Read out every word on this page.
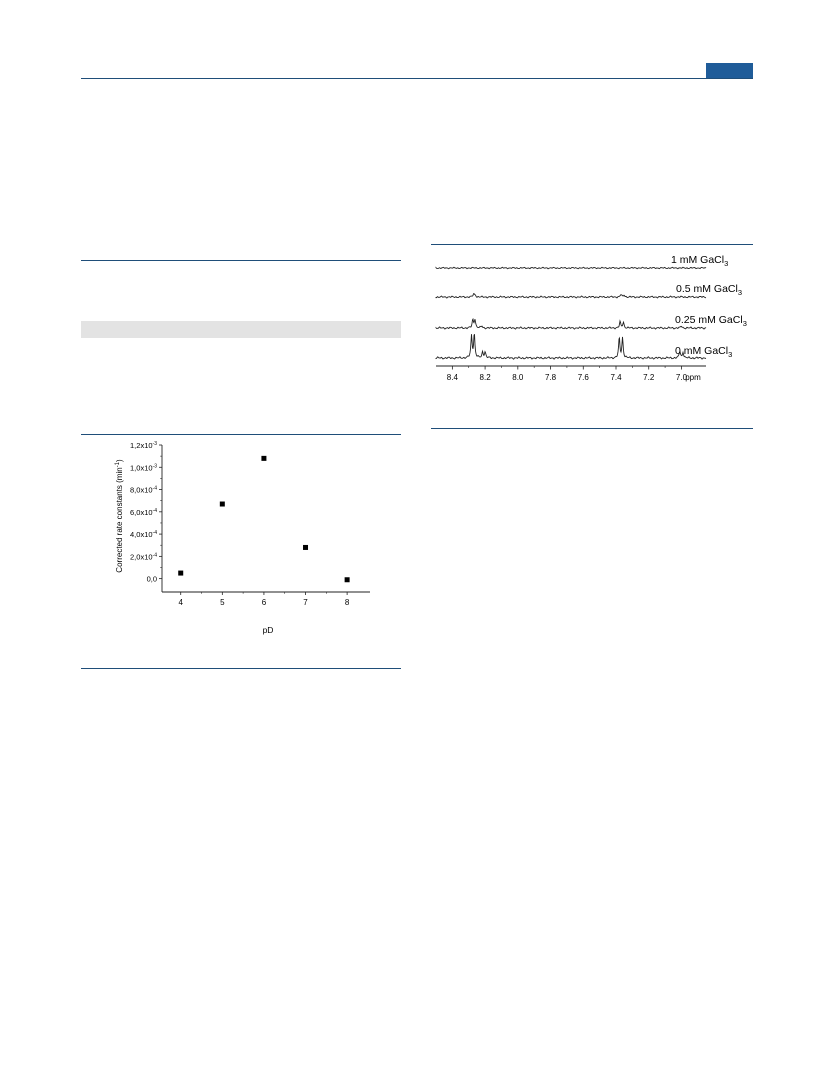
0,0
$2,0x10^{-4}$
$4,0x10^{-4}$
$6,0x10^{-4}$
$8,0x10^{-4}$
$1,0x10^{-3}$
$1,2x10^{-3}$
4	5	6	7	8
pD
Corrected rate constants $(\min^{-1})$
1 mM GaCl$_3$
0.5 mM GaCl$_3$
0.25 mM GaCl$_3$
0 mM GaCl$_3$
8.4	8.2	8.0	7.8	7.6	7.4	7.2	7.0
ppm
